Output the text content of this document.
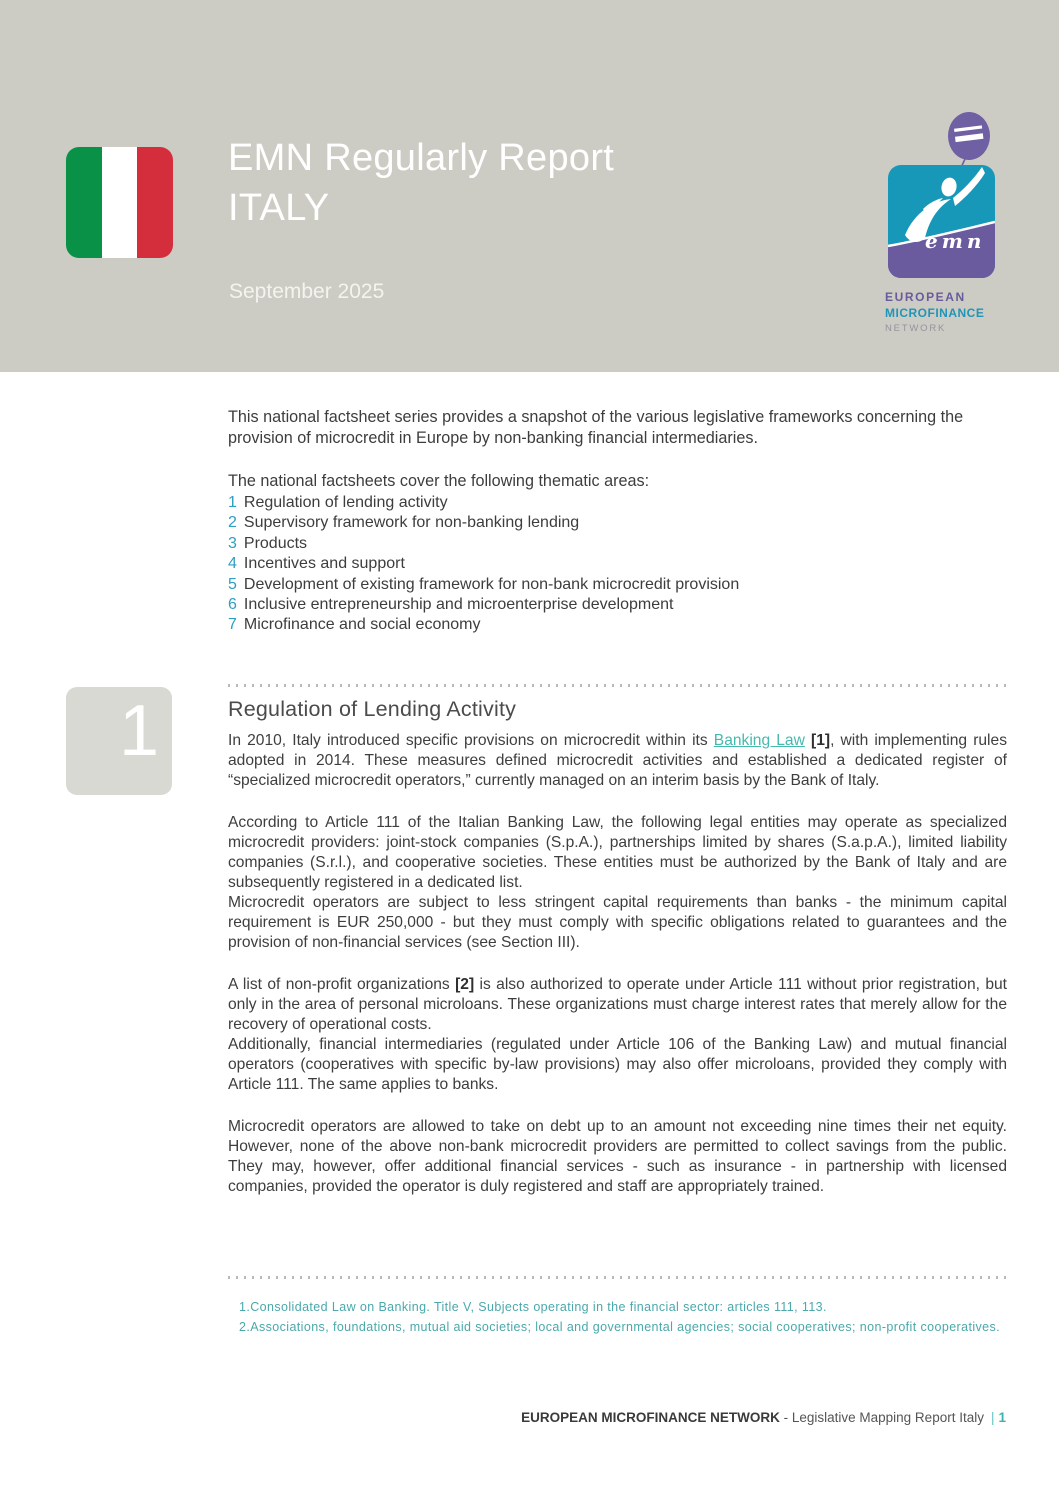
EMN Regularly Report
ITALY
September 2025
emn
EUROPEAN
MICROFINANCE
NETWORK

This national factsheet series provides a snapshot of the various legislative frameworks concerning the provision of microcredit in Europe by non-banking financial intermediaries.

The national factsheets cover the following thematic areas:

1 Regulation of lending activity
2 Supervisory framework for non-banking lending
3 Products
4 Incentives and support
5 Development of existing framework for non-bank microcredit provision
6 Inclusive entrepreneurship and microenterprise development
7 Microfinance and social economy
1	Regulation of Lending Activity

In 2010, Italy introduced specific provisions on microcredit within its Banking Law [1], with implementing rules adopted in 2014. These measures defined microcredit activities and established a dedicated register of “specialized microcredit operators,” currently managed on an interim basis by the Bank of Italy.

According to Article 111 of the Italian Banking Law, the following legal entities may operate as specialized microcredit providers: joint-stock companies (S.p.A.), partnerships limited by shares (S.a.p.A.), limited liability companies (S.r.l.), and cooperative societies. These entities must be authorized by the Bank of Italy and are subsequently registered in a dedicated list.

Microcredit operators are subject to less stringent capital requirements than banks - the minimum capital requirement is EUR 250,000 - but they must comply with specific obligations related to guarantees and the provision of non-financial services (see Section III).

A list of non-profit organizations [2] is also authorized to operate under Article 111 without prior registration, but only in the area of personal microloans. These organizations must charge interest rates that merely allow for the recovery of operational costs.

Additionally, financial intermediaries (regulated under Article 106 of the Banking Law) and mutual financial operators (cooperatives with specific by-law provisions) may also offer microloans, provided they comply with Article 111. The same applies to banks.

Microcredit operators are allowed to take on debt up to an amount not exceeding nine times their net equity. However, none of the above non-bank microcredit providers are permitted to collect savings from the public. They may, however, offer additional financial services - such as insurance - in partnership with licensed companies, provided the operator is duly registered and staff are appropriately trained.

1.Consolidated Law on Banking. Title V, Subjects operating in the financial sector: articles 111, 113.
2.Associations, foundations, mutual aid societies; local and governmental agencies; social cooperatives; non-profit cooperatives.
EUROPEAN MICROFINANCE NETWORK - Legislative Mapping Report Italy | 1
